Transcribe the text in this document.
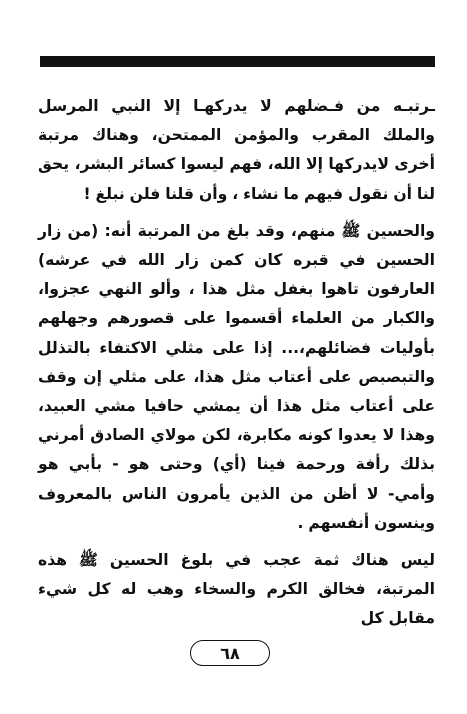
ـرتبـه من فـضلهم لا يدركهـا إلا النبي المرسل والملك المقرب والمؤمن الممتحن، وهناك مرتبة أخرى لايدركها إلا الله، فهم ليسوا كسائر البشر، يحق لنا أن نقول فيهم ما نشاء ، وأن قلنا فلن نبلغ !

والحسين ﷺ منهم، وقد بلغ من المرتبة أنه: (من زار الحسين في قبره كان كمن زار الله في عرشه) العارفون تاهوا بغفل مثل هذا ، وألو النهي عجزوا، والكبار من العلماء أقسموا على قصورهم وجهلهم بأوليات فضائلهم،... إذا على مثلي الاكتفاء بالتذلل والتبصبص على أعتاب مثل هذا، على مثلي إن وقف على أعتاب مثل هذا أن يمشي حافيا مشي العبيد، وهذا لا يعدوا كونه مكابرة، لكن مولاي الصادق أمرني بذلك رأفة ورحمة فينا (أي) وحتى هو - بأبي هو وأمي- لا أظن من الذين يأمرون الناس بالمعروف وينسون أنفسهم .

ليس هناك ثمة عجب في بلوغ الحسين ﷺ هذه المرتبة، فخالق الكرم والسخاء وهب له كل شيء مقابل كل

٦٨
